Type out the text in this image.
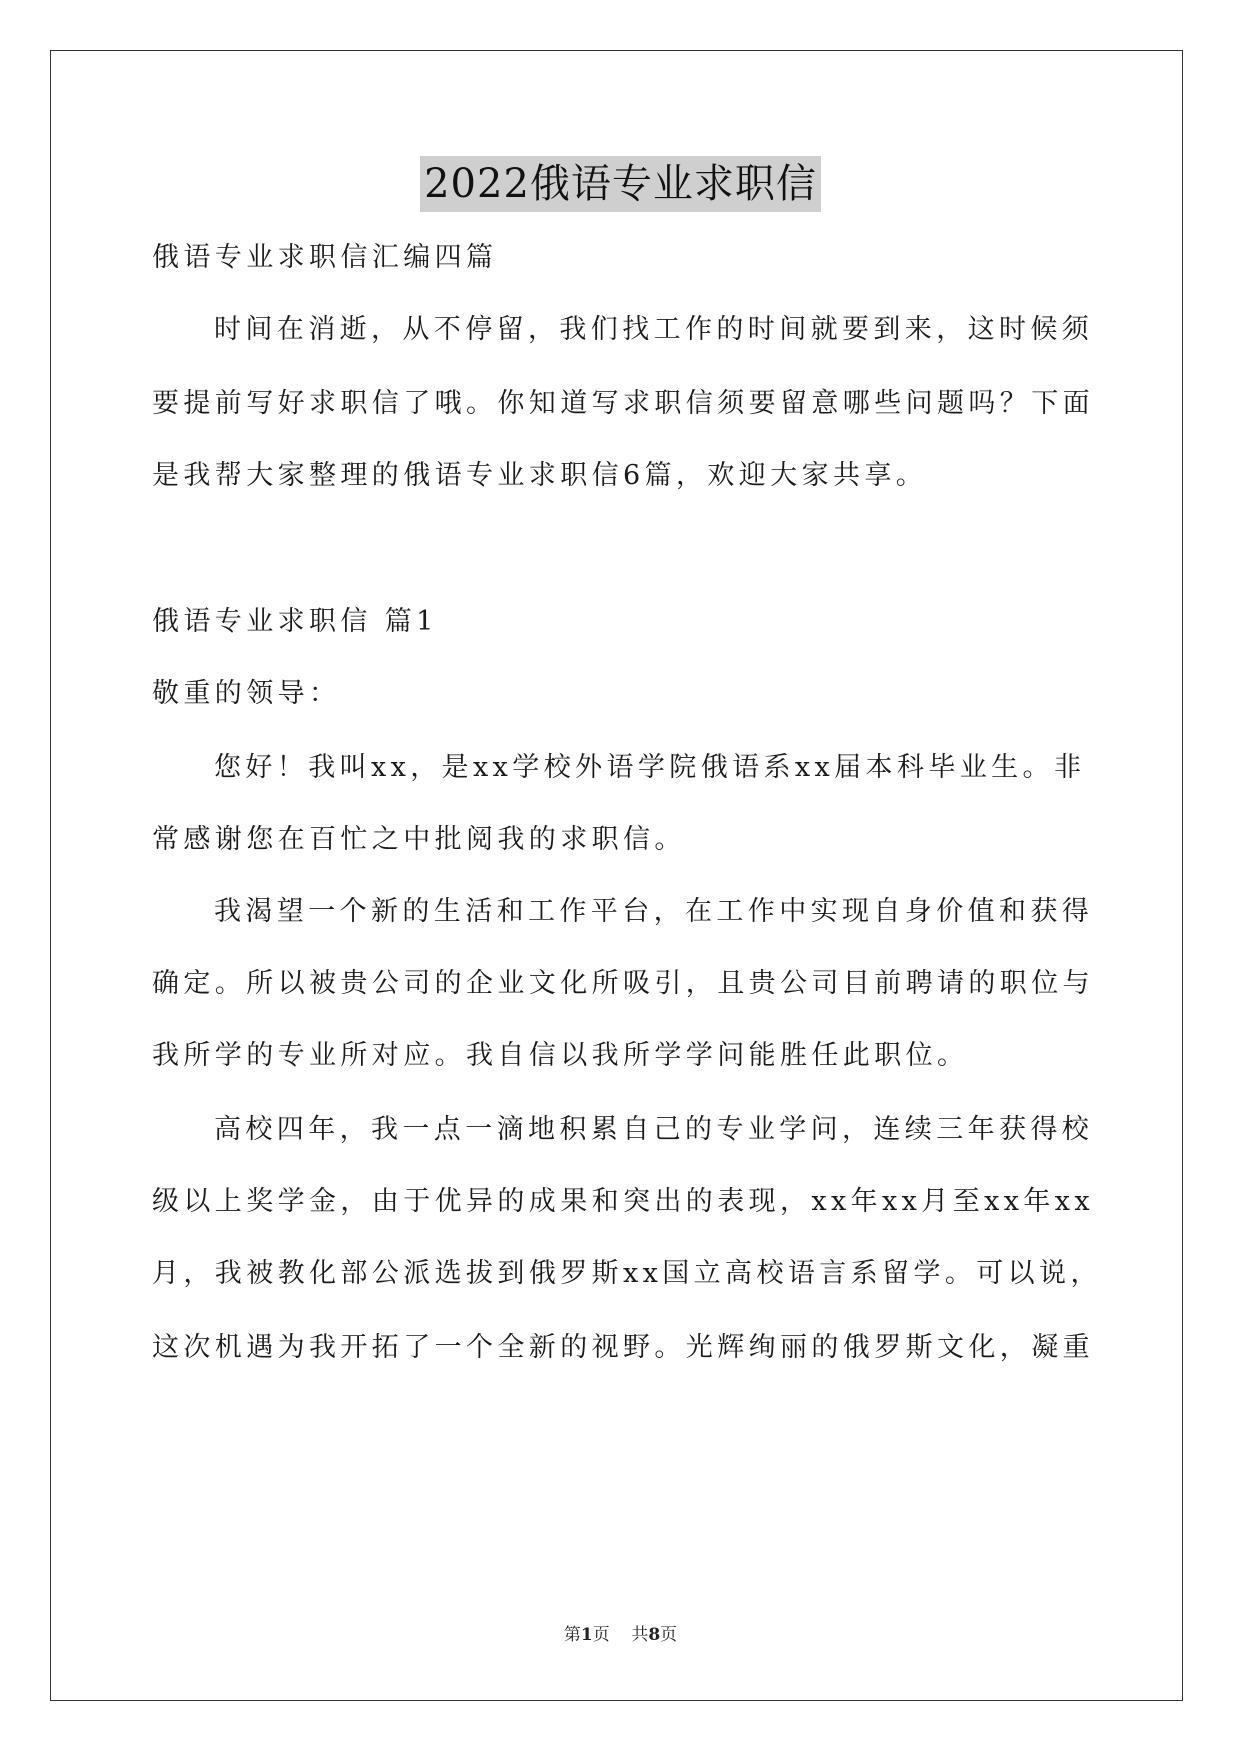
2022俄语专业求职信
俄语专业求职信汇编四篇
时间在消逝，从不停留，我们找工作的时间就要到来，这时候须
要提前写好求职信了哦。你知道写求职信须要留意哪些问题吗？下面
是我帮大家整理的俄语专业求职信6篇，欢迎大家共享。
俄语专业求职信 篇1
敬重的领导：
您好！我叫xx，是xx学校外语学院俄语系xx届本科毕业生。非
常感谢您在百忙之中批阅我的求职信。
我渴望一个新的生活和工作平台，在工作中实现自身价值和获得
确定。所以被贵公司的企业文化所吸引，且贵公司目前聘请的职位与
我所学的专业所对应。我自信以我所学学问能胜任此职位。
高校四年，我一点一滴地积累自己的专业学问，连续三年获得校
级以上奖学金，由于优异的成果和突出的表现，xx年xx月至xx年xx
月，我被教化部公派选拔到俄罗斯xx国立高校语言系留学。可以说，
这次机遇为我开拓了一个全新的视野。光辉绚丽的俄罗斯文化，凝重
第1页 共8页
